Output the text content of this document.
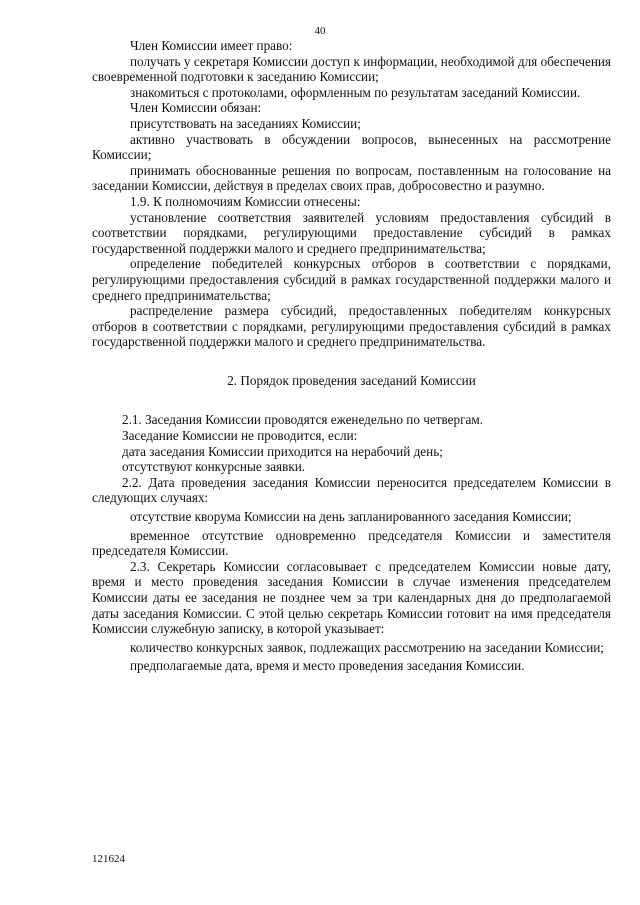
40

Член Комиссии имеет право:

получать у секретаря Комиссии доступ к информации, необходимой для обеспечения своевременной подготовки к заседанию Комиссии;

знакомиться с протоколами, оформленным по результатам заседаний Комиссии.

Член Комиссии обязан:

присутствовать на заседаниях Комиссии;

активно участвовать в обсуждении вопросов, вынесенных на рассмотрение Комиссии;

принимать обоснованные решения по вопросам, поставленным на голосование на заседании Комиссии, действуя в пределах своих прав, добросовестно и разумно.

1.9. К полномочиям Комиссии отнесены:

установление соответствия заявителей условиям предоставления субсидий в соответствии порядками, регулирующими предоставление субсидий в рамках государственной поддержки малого и среднего предпринимательства;

определение победителей конкурсных отборов в соответствии с порядками, регулирующими предоставления субсидий в рамках государственной поддержки малого и среднего предпринимательства;

распределение размера субсидий, предоставленных победителям конкурсных отборов в соответствии с порядками, регулирующими предоставления субсидий в рамках государственной поддержки малого и среднего предпринимательства.

2. Порядок проведения заседаний Комиссии

2.1. Заседания Комиссии проводятся еженедельно по четвергам.

Заседание Комиссии не проводится, если:

дата заседания Комиссии приходится на нерабочий день;

отсутствуют конкурсные заявки.

2.2. Дата проведения заседания Комиссии переносится председателем Комиссии в следующих случаях:

отсутствие кворума Комиссии на день запланированного заседания Комиссии;

временное отсутствие одновременно председателя Комиссии и заместителя председателя Комиссии.

2.3. Секретарь Комиссии согласовывает с председателем Комиссии новые дату, время и место проведения заседания Комиссии в случае изменения председателем Комиссии даты ее заседания не позднее чем за три календарных дня до предполагаемой даты заседания Комиссии. С этой целью секретарь Комиссии готовит на имя председателя Комиссии служебную записку, в которой указывает:

количество конкурсных заявок, подлежащих рассмотрению на заседании Комиссии;

предполагаемые дата, время и место проведения заседания Комиссии.

121624
